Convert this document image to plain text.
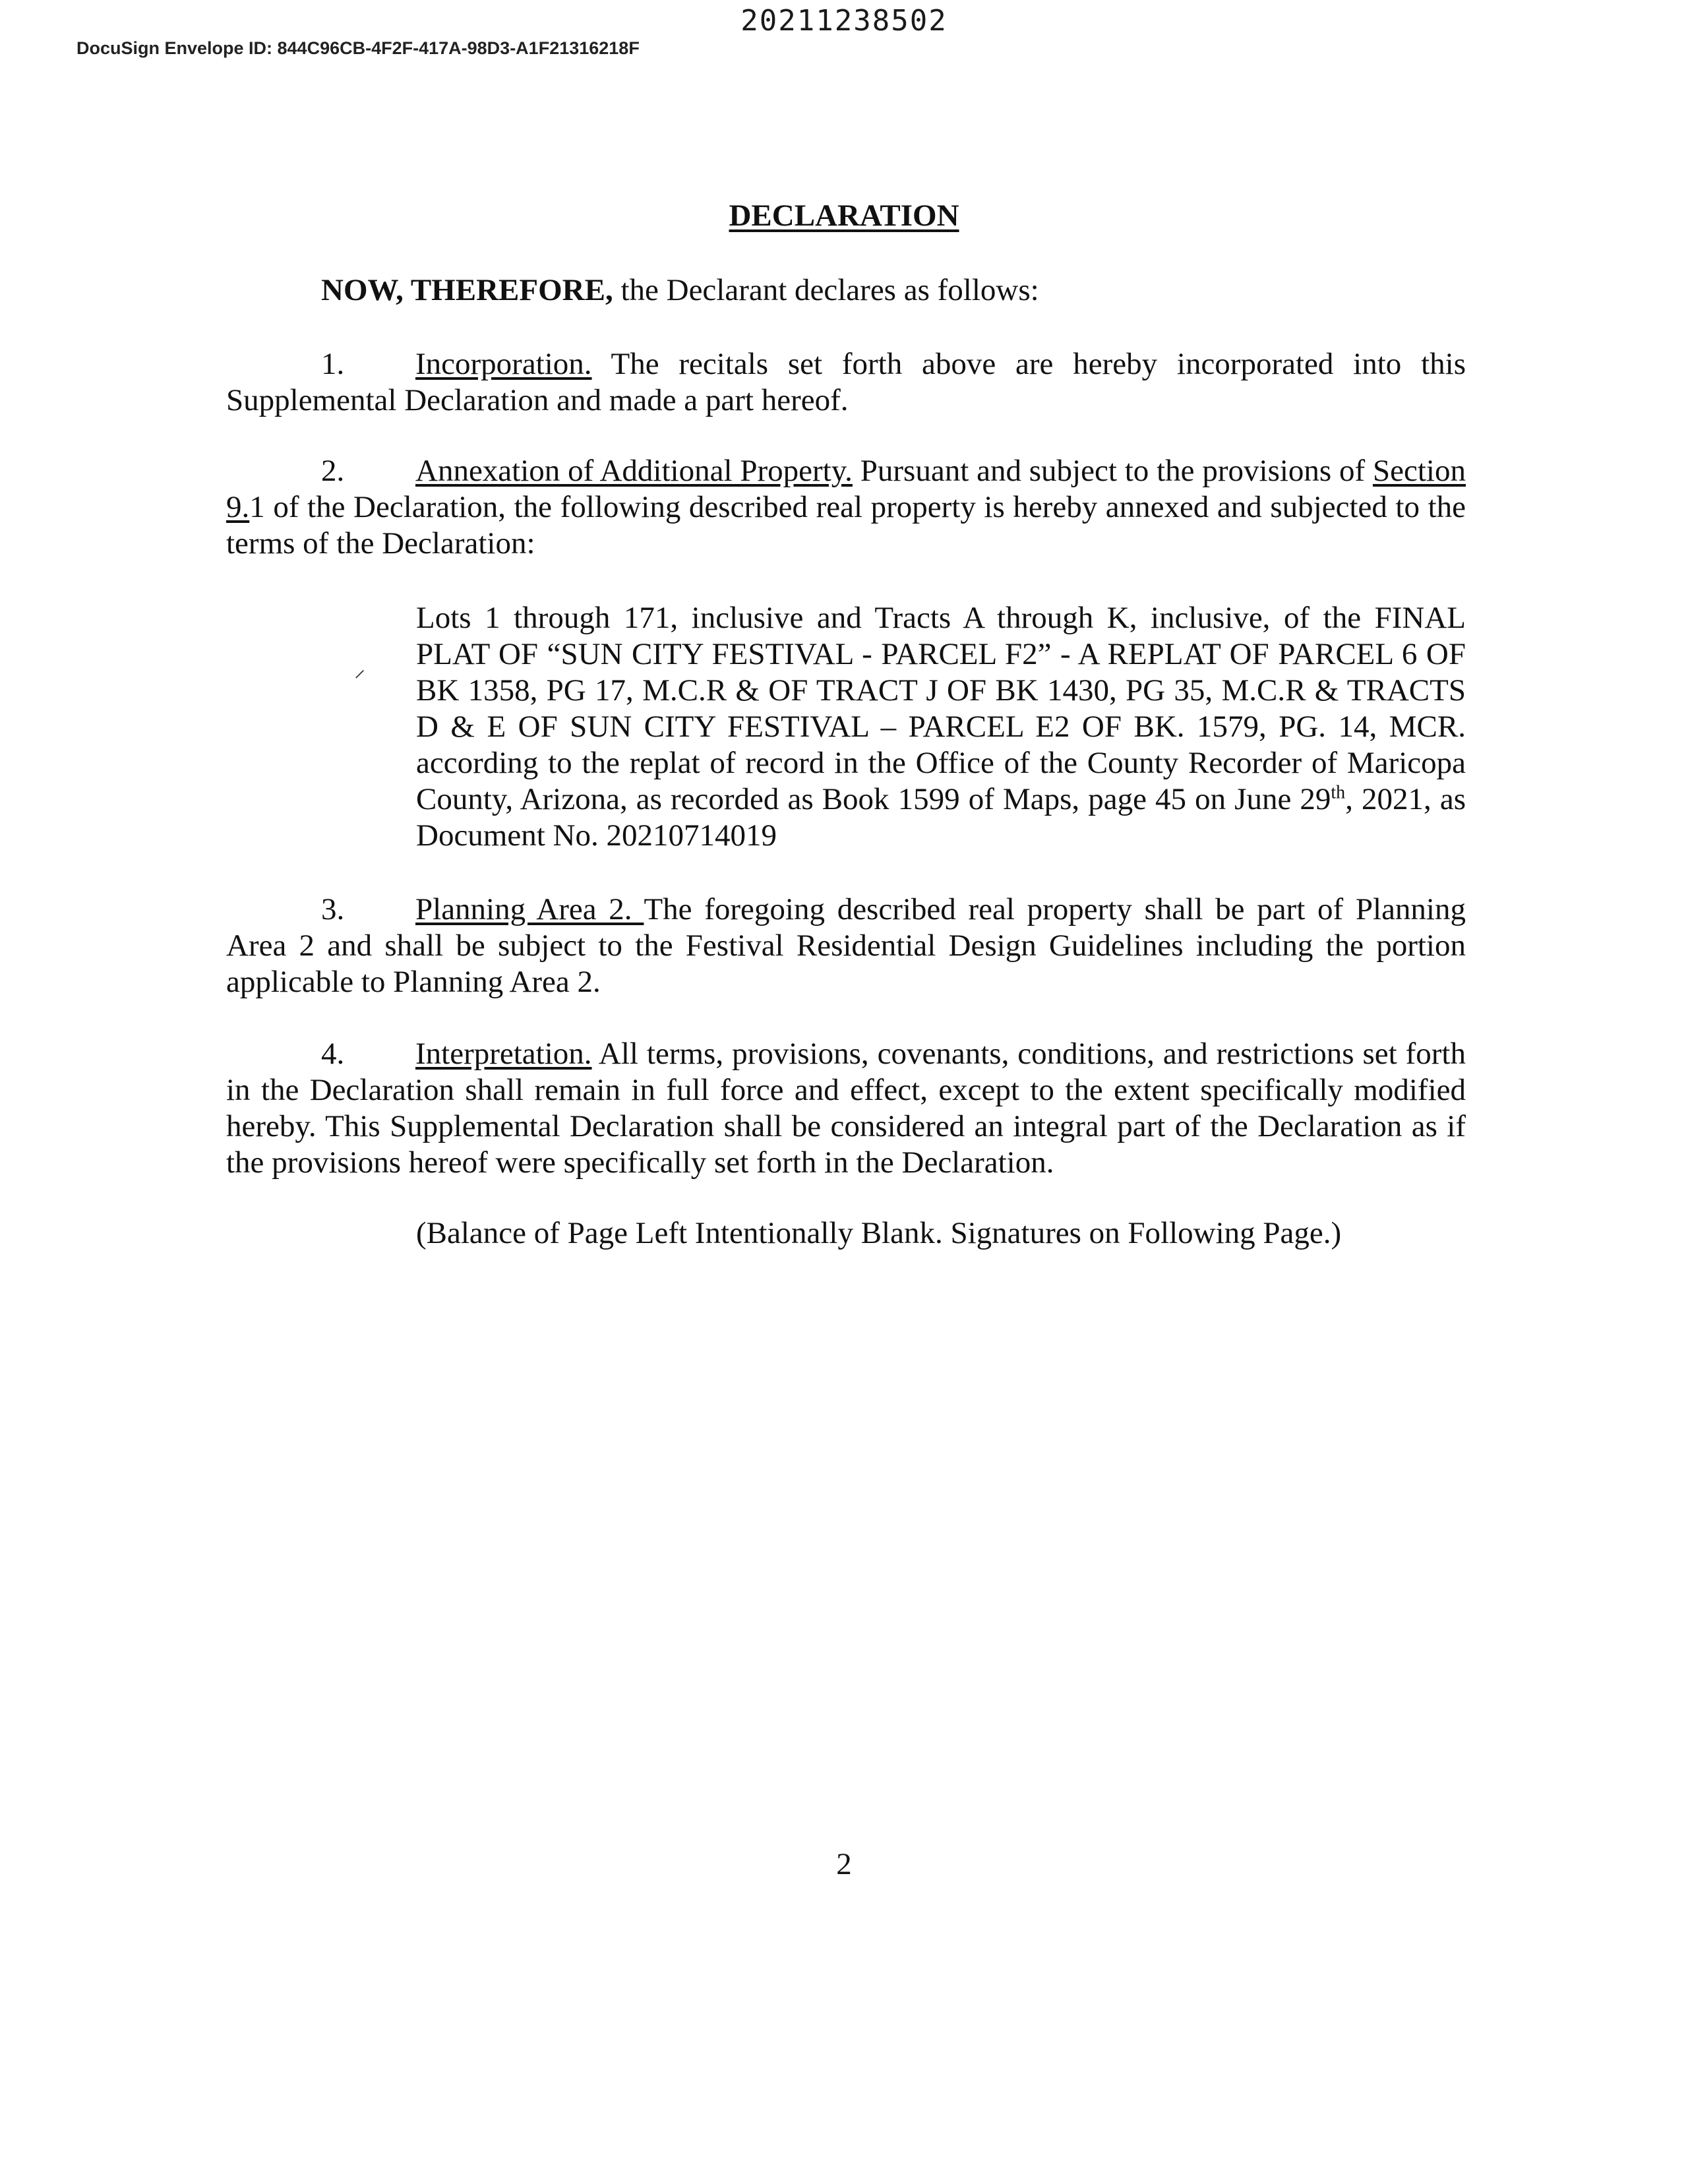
20211238502
DocuSign Envelope ID: 844C96CB-4F2F-417A-98D3-A1F21316218F
DECLARATION
NOW, THEREFORE, the Declarant declares as follows:
1. Incorporation. The recitals set forth above are hereby incorporated into this Supplemental Declaration and made a part hereof.
2. Annexation of Additional Property. Pursuant and subject to the provisions of Section 9.1 of the Declaration, the following described real property is hereby annexed and subjected to the terms of the Declaration:
⸝
Lots 1 through 171, inclusive and Tracts A through K, inclusive, of the FINAL PLAT OF “SUN CITY FESTIVAL - PARCEL F2” - A REPLAT OF PARCEL 6 OF BK 1358, PG 17, M.C.R & OF TRACT J OF BK 1430, PG 35, M.C.R & TRACTS D & E OF SUN CITY FESTIVAL – PARCEL E2 OF BK. 1579, PG. 14, MCR. according to the replat of record in the Office of the County Recorder of Maricopa County, Arizona, as recorded as Book 1599 of Maps, page 45 on June 29th, 2021, as Document No. 20210714019
3. Planning Area 2. The foregoing described real property shall be part of Planning Area 2 and shall be subject to the Festival Residential Design Guidelines including the portion applicable to Planning Area 2.
4. Interpretation. All terms, provisions, covenants, conditions, and restrictions set forth in the Declaration shall remain in full force and effect, except to the extent specifically modified hereby. This Supplemental Declaration shall be considered an integral part of the Declaration as if the provisions hereof were specifically set forth in the Declaration.
(Balance of Page Left Intentionally Blank. Signatures on Following Page.)
2
